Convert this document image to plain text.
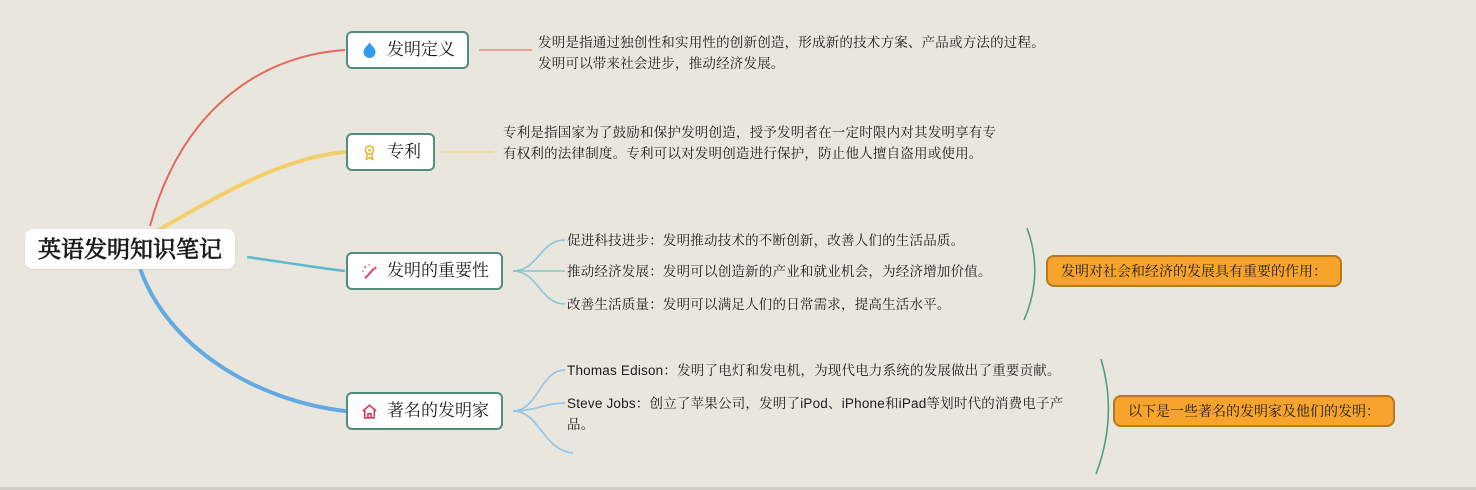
英语发明知识笔记
发明定义	发明是指通过独创性和实用性的创新创造，形成新的技术方案、产品或方法的过程。发明可以带来社会进步，推动经济发展。
专利
专利是指国家为了鼓励和保护发明创造，授予发明者在一定时限内对其发明享有专有权利的法律制度。专利可以对发明创造进行保护，防止他人擅自盗用或使用。
发明的重要性
促进科技进步：发明推动技术的不断创新，改善人们的生活品质。
推动经济发展：发明可以创造新的产业和就业机会，为经济增加价值。
改善生活质量：发明可以满足人们的日常需求，提高生活水平。
发明对社会和经济的发展具有重要的作用：
著名的发明家
Thomas Edison：发明了电灯和发电机，为现代电力系统的发展做出了重要贡献。
Steve Jobs：创立了苹果公司，发明了iPod、iPhone和iPad等划时代的消费电子产品。
以下是一些著名的发明家及他们的发明：
